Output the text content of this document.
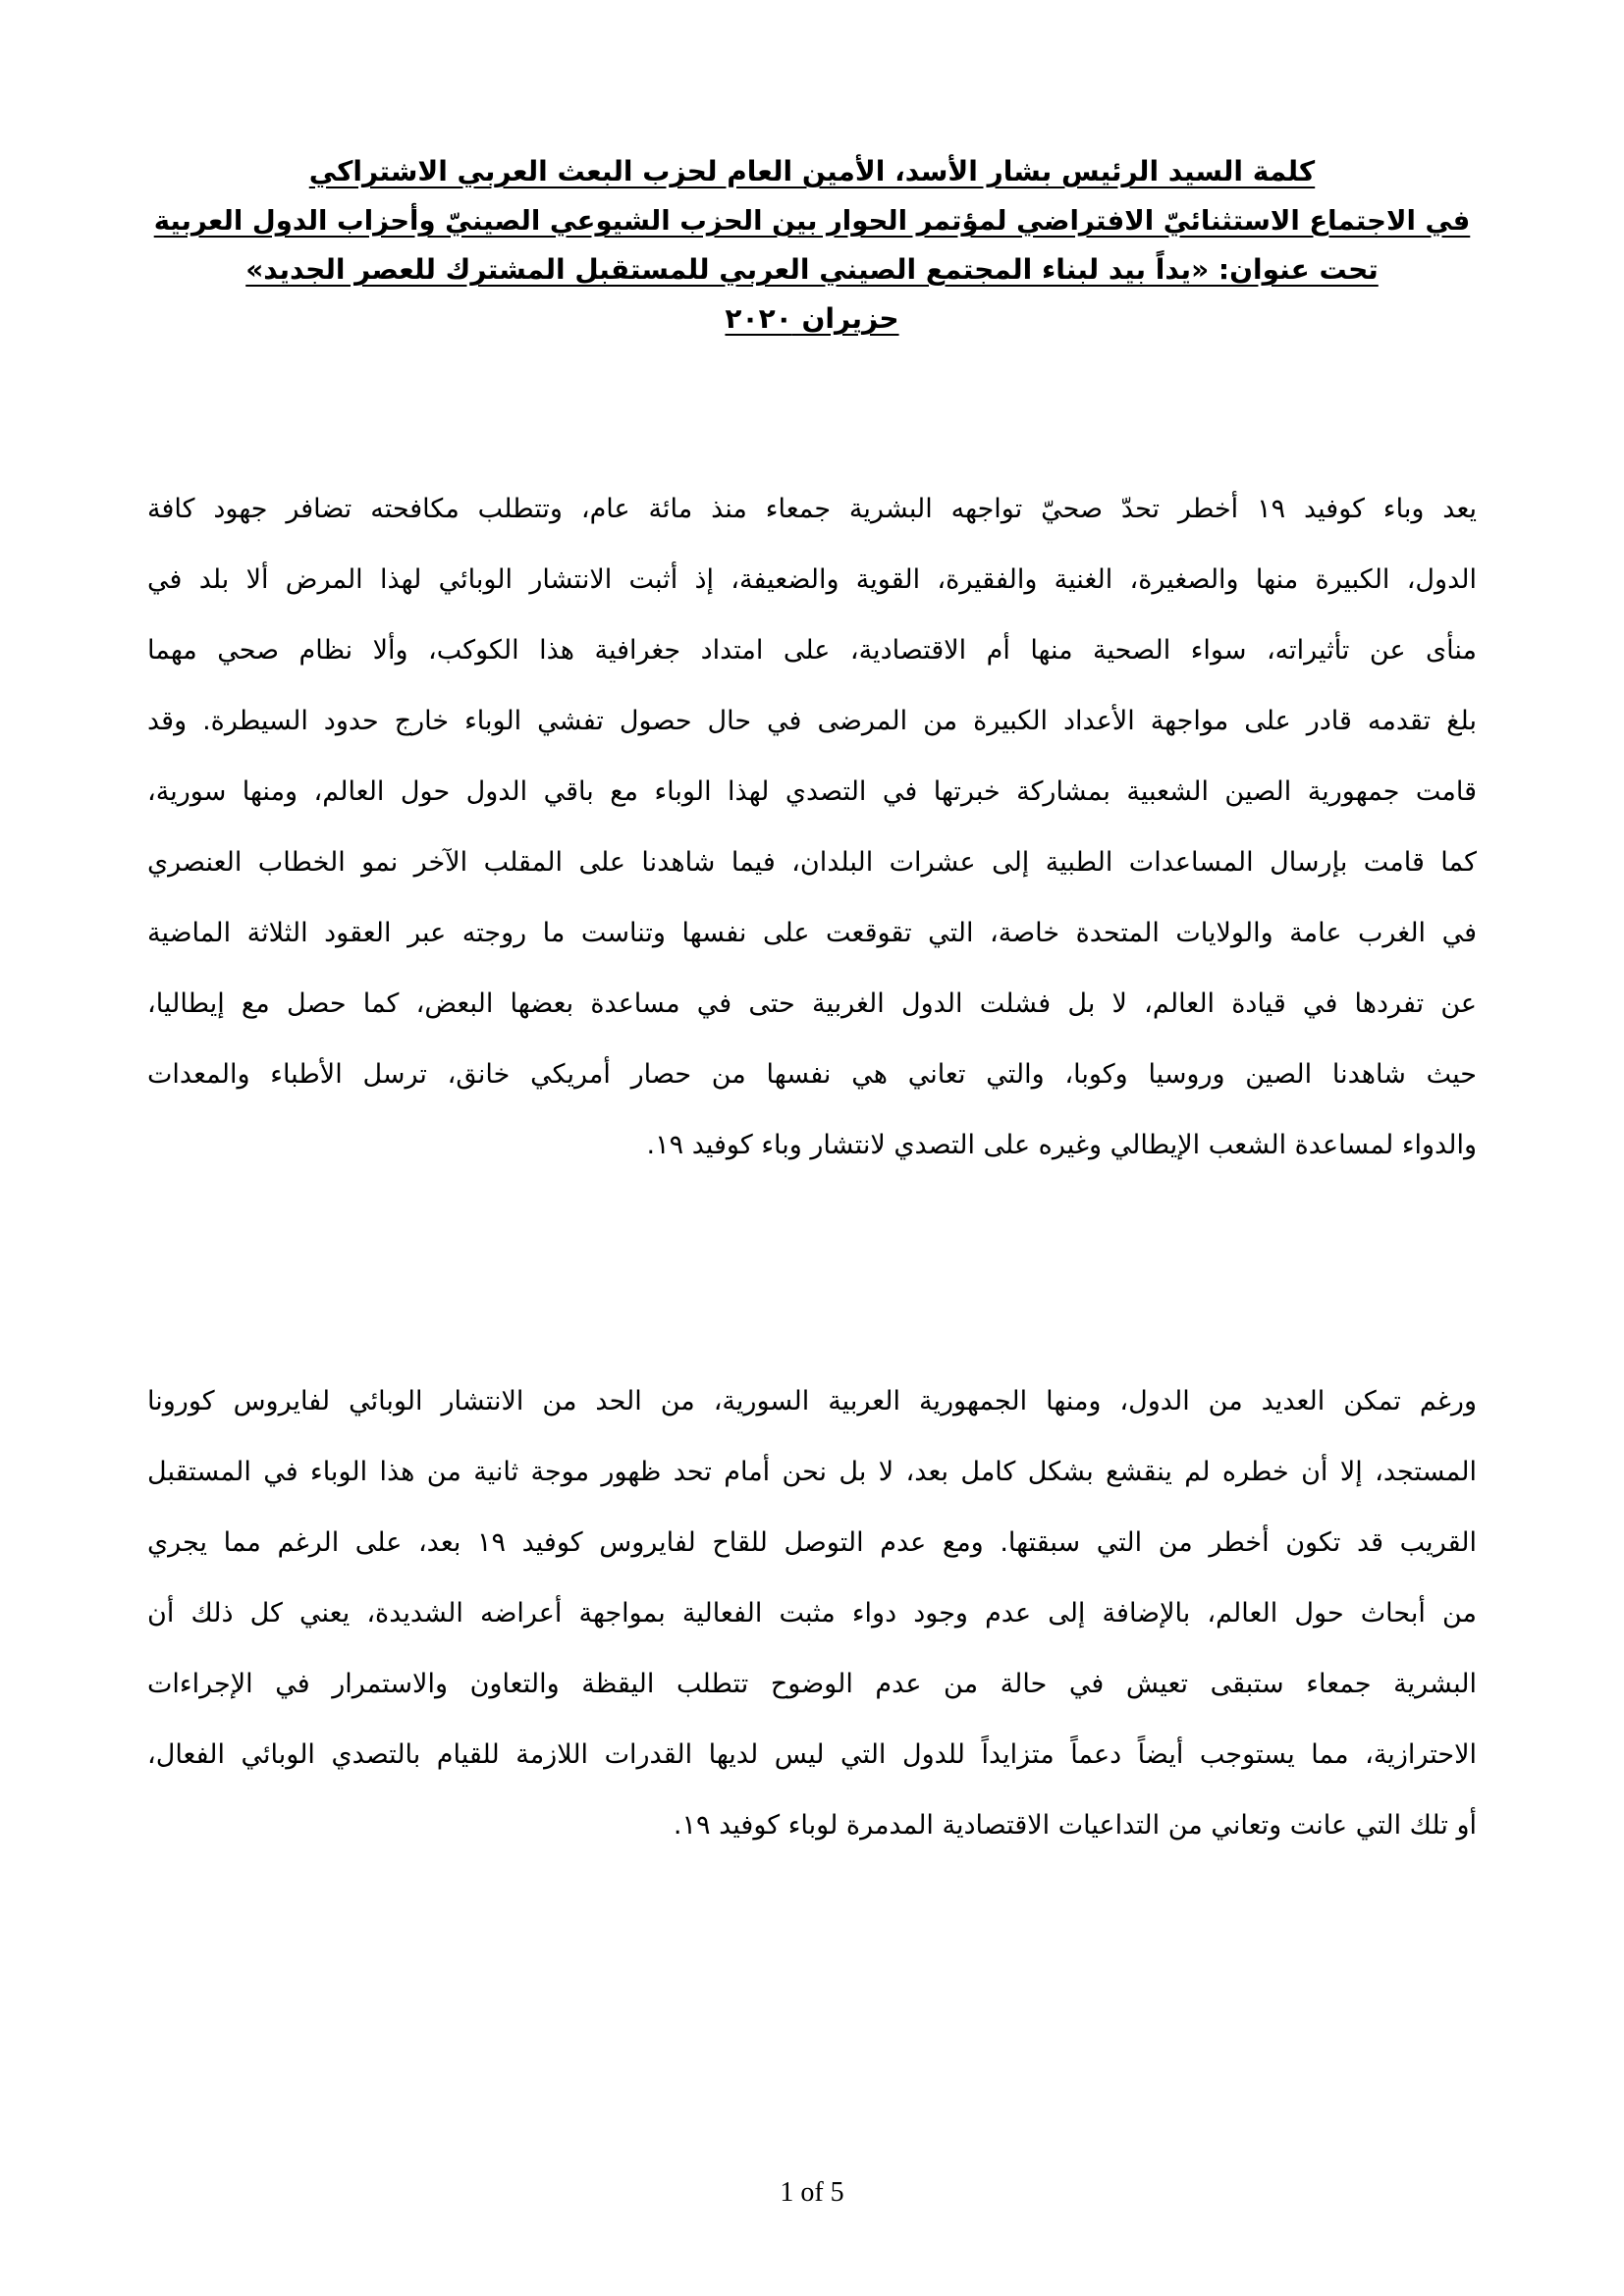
كلمة السيد الرئيس بشار الأسد، الأمين العام لحزب البعث العربي الاشتراكي
في الاجتماع الاستثنائيّ الافتراضي لمؤتمر الحوار بين الحزب الشيوعي الصينيّ وأحزاب الدول العربية
تحت عنوان: «يداً بيد لبناء المجتمع الصيني العربي للمستقبل المشترك للعصر الجديد»
حزيران ٢٠٢٠
يعد وباء كوفيد ١٩ أخطر تحدّ صحيّ تواجهه البشرية جمعاء منذ مائة عام، وتتطلب مكافحته تضافر جهود كافة
الدول، الكبيرة منها والصغيرة، الغنية والفقيرة، القوية والضعيفة، إذ أثبت الانتشار الوبائي لهذا المرض ألا بلد في
منأى عن تأثيراته، سواء الصحية منها أم الاقتصادية، على امتداد جغرافية هذا الكوكب، وألا نظام صحي مهما
بلغ تقدمه قادر على مواجهة الأعداد الكبيرة من المرضى في حال حصول تفشي الوباء خارج حدود السيطرة. وقد
قامت جمهورية الصين الشعبية بمشاركة خبرتها في التصدي لهذا الوباء مع باقي الدول حول العالم، ومنها سورية،
كما قامت بإرسال المساعدات الطبية إلى عشرات البلدان، فيما شاهدنا على المقلب الآخر نمو الخطاب العنصري
في الغرب عامة والولايات المتحدة خاصة، التي تقوقعت على نفسها وتناست ما روجته عبر العقود الثلاثة الماضية
عن تفردها في قيادة العالم، لا بل فشلت الدول الغربية حتى في مساعدة بعضها البعض، كما حصل مع إيطاليا،
حيث شاهدنا الصين وروسيا وكوبا، والتي تعاني هي نفسها من حصار أمريكي خانق، ترسل الأطباء والمعدات
والدواء لمساعدة الشعب الإيطالي وغيره على التصدي لانتشار وباء كوفيد ١٩.
ورغم تمكن العديد من الدول، ومنها الجمهورية العربية السورية، من الحد من الانتشار الوبائي لفايروس كورونا
المستجد، إلا أن خطره لم ينقشع بشكل كامل بعد، لا بل نحن أمام تحد ظهور موجة ثانية من هذا الوباء في المستقبل
القريب قد تكون أخطر من التي سبقتها. ومع عدم التوصل للقاح لفايروس كوفيد ١٩ بعد، على الرغم مما يجري
من أبحاث حول العالم، بالإضافة إلى عدم وجود دواء مثبت الفعالية بمواجهة أعراضه الشديدة، يعني كل ذلك أن
البشرية جمعاء ستبقى تعيش في حالة من عدم الوضوح تتطلب اليقظة والتعاون والاستمرار في الإجراءات
الاحترازية، مما يستوجب أيضاً دعماً متزايداً للدول التي ليس لديها القدرات اللازمة للقيام بالتصدي الوبائي الفعال،
أو تلك التي عانت وتعاني من التداعيات الاقتصادية المدمرة لوباء كوفيد ١٩.
1 of 5
